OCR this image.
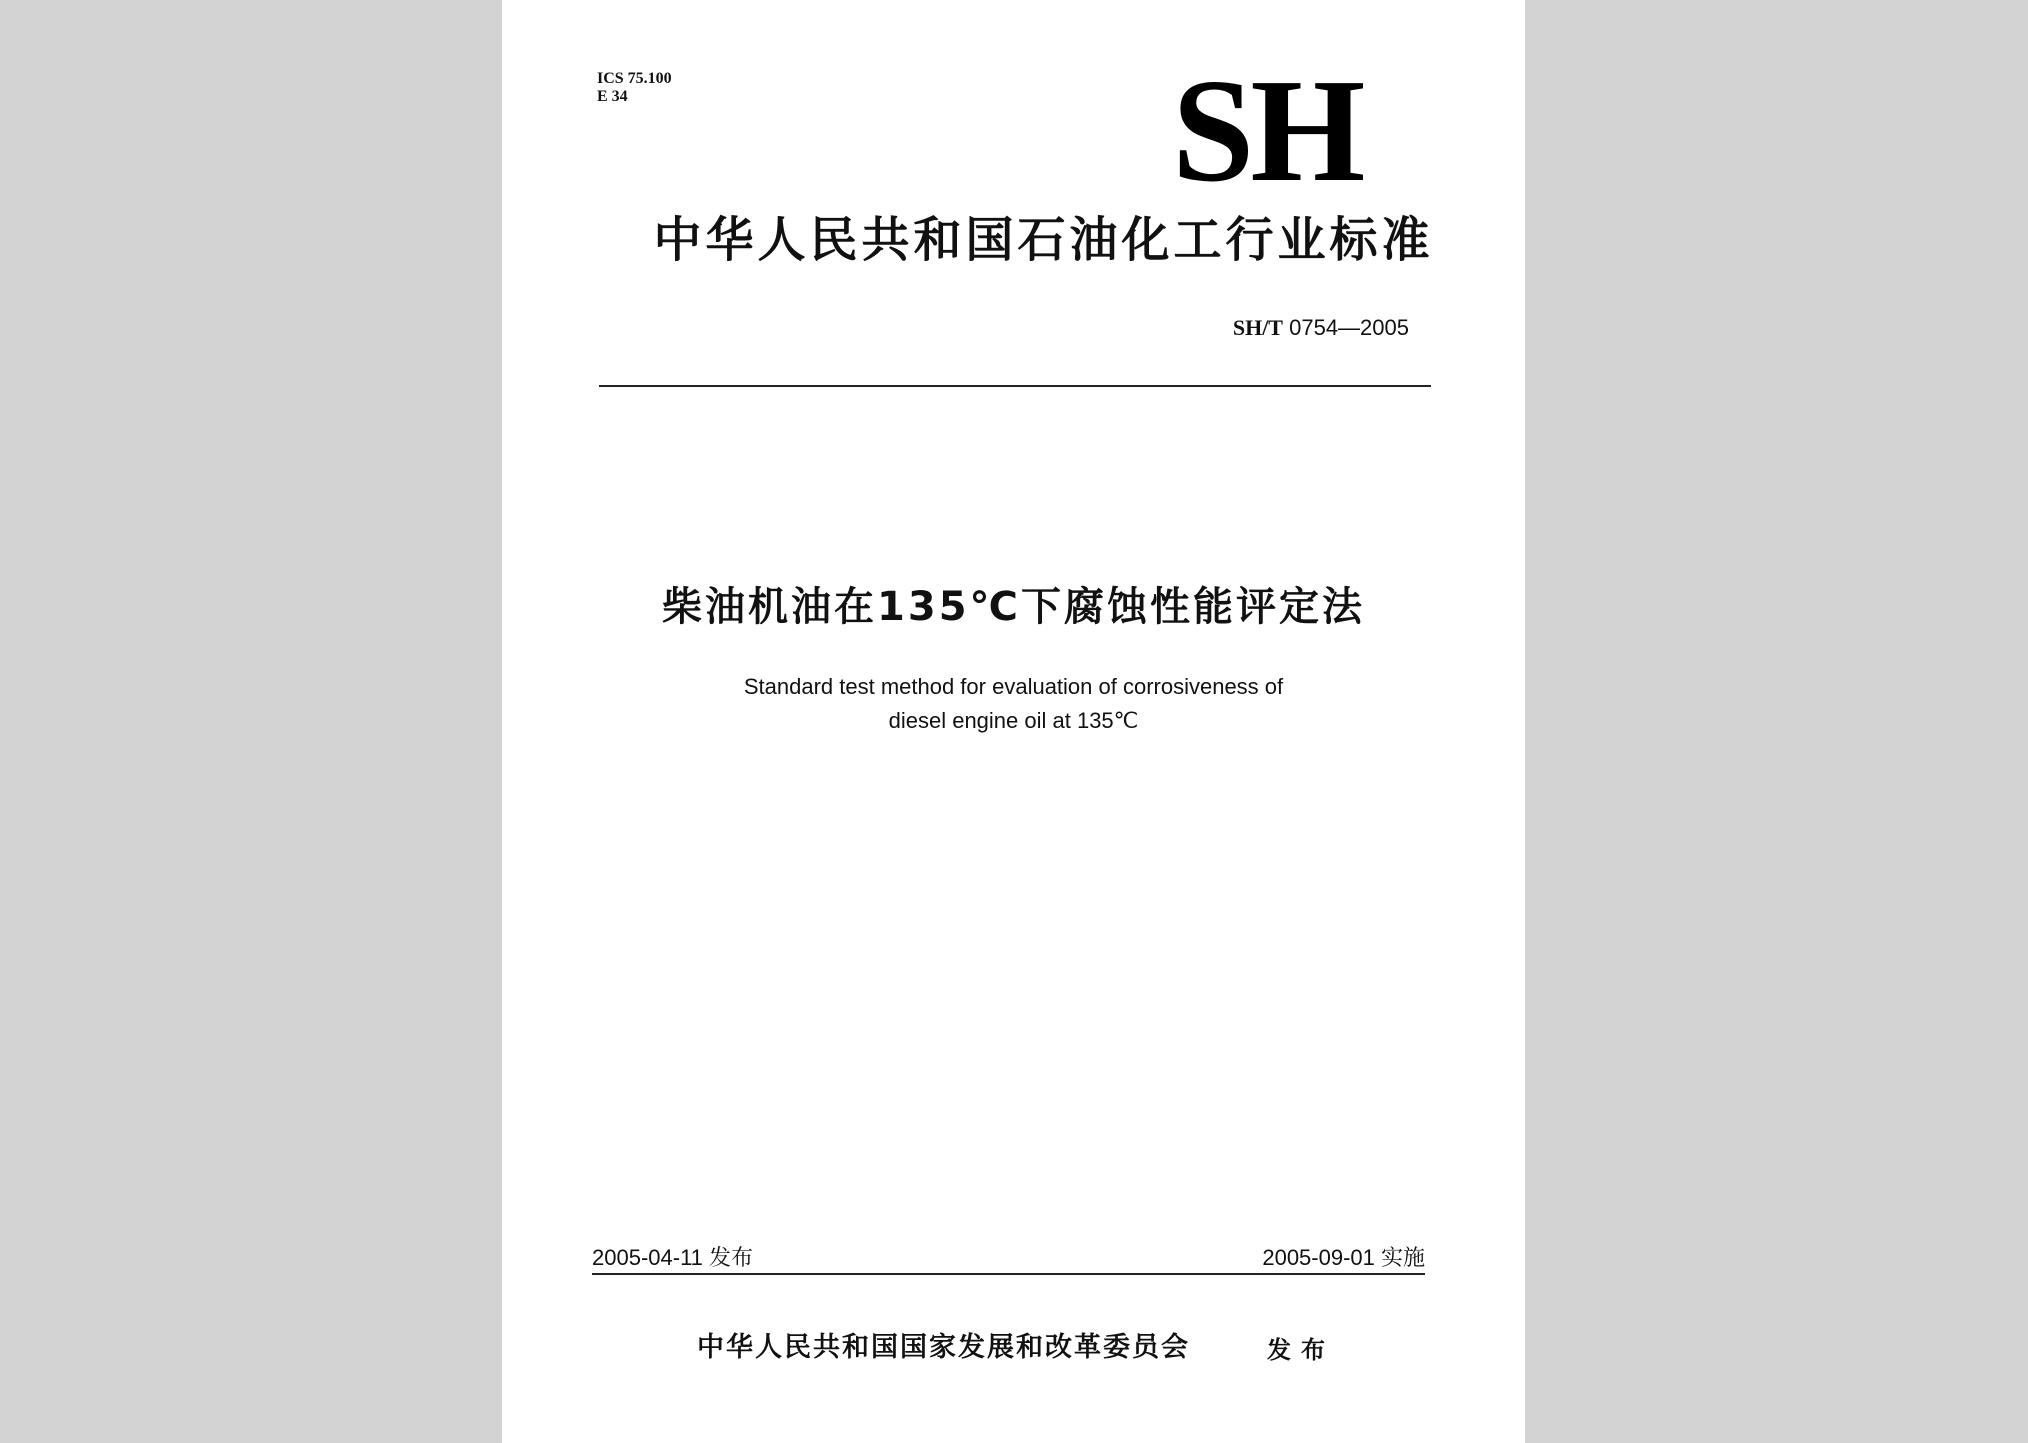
ICS 75.100
E 34	SH
中华人民共和国石油化工行业标准
SH/T 0754—2005
柴油机油在135℃下腐蚀性能评定法
Standard test method for evaluation of corrosiveness of
diesel engine oil at 135℃
2005-04-11 发布	2005-09-01 实施
中华人民共和国国家发展和改革委员会	发布
